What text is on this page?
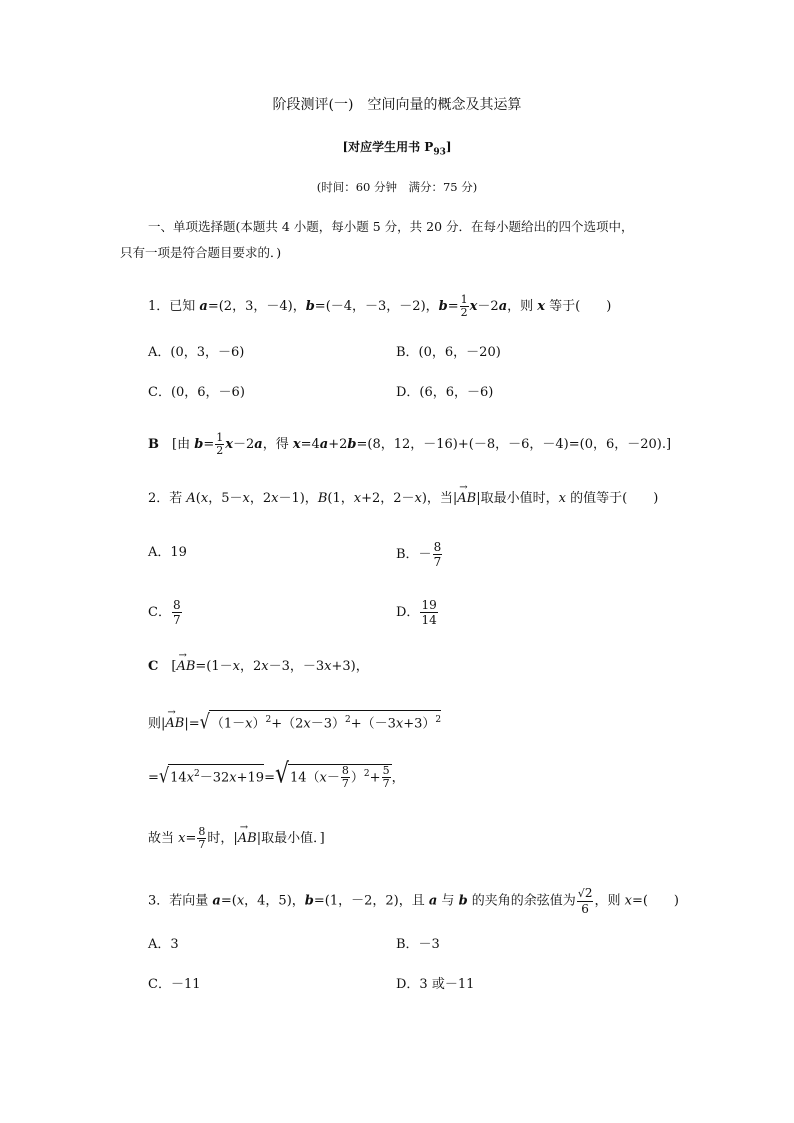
阶段测评(一)　空间向量的概念及其运算
[对应学生用书 $P_{93}$]
(时间：60 分钟　满分：75 分)
一、单项选择题(本题共 4 小题，每小题 5 分，共 20 分．在每小题给出的四个选项中，
只有一项是符合题目要求的．)
1．已知 a=(2，3，－4)，b=(－4，－3，－2)，$b= \frac{1}{2} x-2a$，则 x 等于(　　)
A．(0，3，－6)	B．(0，6，－20)
C．(0，6，－6)	D．(6，6，－6)
B　[由 $b= \frac{1}{2} x-2a$，得 x=4a+2b=(8，12，－16)+(－8，－6，－4)=(0，6，－20).]
2．若 A(x，5－x，2x－1)，B(1，x+2，2－x)，当|→ AB|取最小值时，x 的值等于(　　)
A．19	B．－ $\frac{8}{7}$
C． $\frac{8}{7}$	D． $\frac{19}{14}$
C　[→ AB=(1－x，2x－3，－3x+3)，
则|→ $AB|=√(1-x)^2+(2x-3)^2+(-3x+3)^2$
$=√14x^2-32x+19=√14(x- \frac{8}{7} )^2+ \frac{5}{7}$ ，
故当 $x= \frac{8}{7}$ 时，|→ AB|取最小值．]
3．若向量 a=(x，4，5)，b=(1，－2，2)，且 a 与 b 的夹角的余弦值为 $\frac{√2}{6}$ ，则 x=(　　)
A．3	B．－3
C．－11	D．3 或－11
